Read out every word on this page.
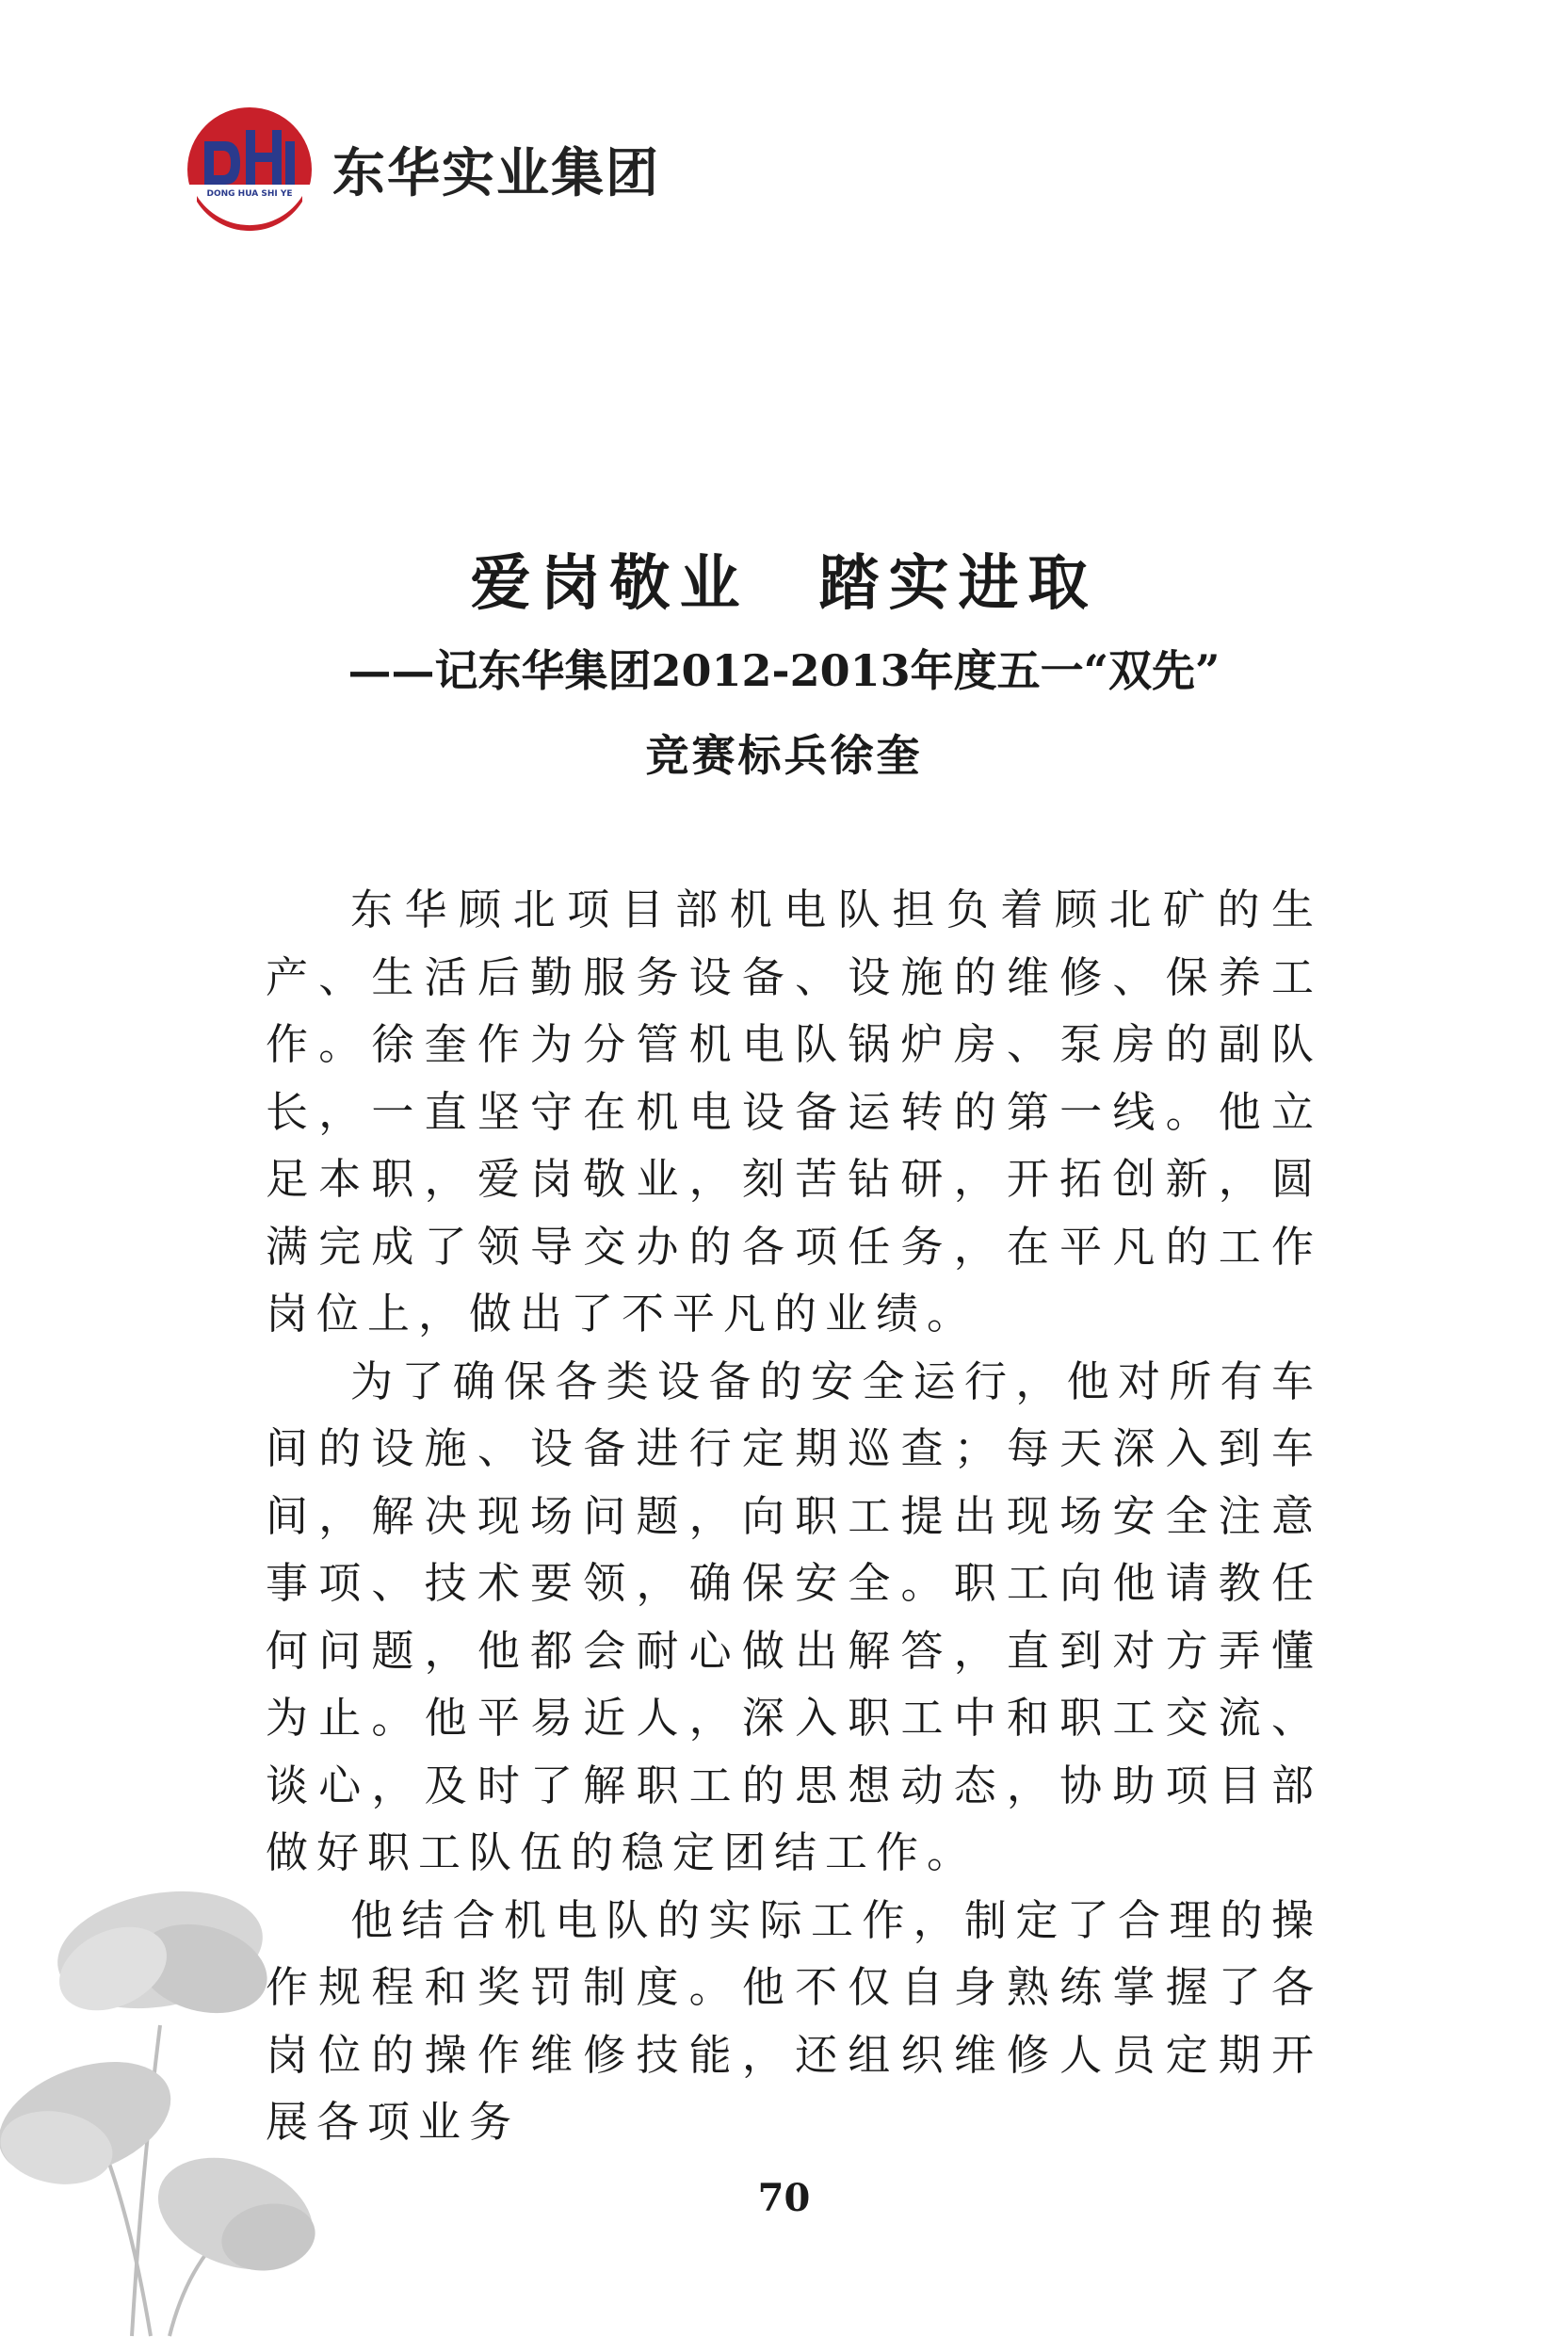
DONG HUA SHI YE 东华实业集团
爱岗敬业　踏实进取
——记东华集团2012-2013年度五一“双先”
竞赛标兵徐奎

东华顾北项目部机电队担负着顾北矿的生产、生活后勤服务设备、设施的维修、保养工作。徐奎作为分管机电队锅炉房、泵房的副队长，一直坚守在机电设备运转的第一线。他立足本职，爱岗敬业，刻苦钻研，开拓创新，圆满完成了领导交办的各项任务，在平凡的工作岗位上，做出了不平凡的业绩。

为了确保各类设备的安全运行，他对所有车间的设施、设备进行定期巡查；每天深入到车间，解决现场问题，向职工提出现场安全注意事项、技术要领，确保安全。职工向他请教任何问题，他都会耐心做出解答，直到对方弄懂为止。他平易近人，深入职工中和职工交流、谈心，及时了解职工的思想动态，协助项目部做好职工队伍的稳定团结工作。

他结合机电队的实际工作，制定了合理的操作规程和奖罚制度。他不仅自身熟练掌握了各岗位的操作维修技能，还组织维修人员定期开展各项业务

70
